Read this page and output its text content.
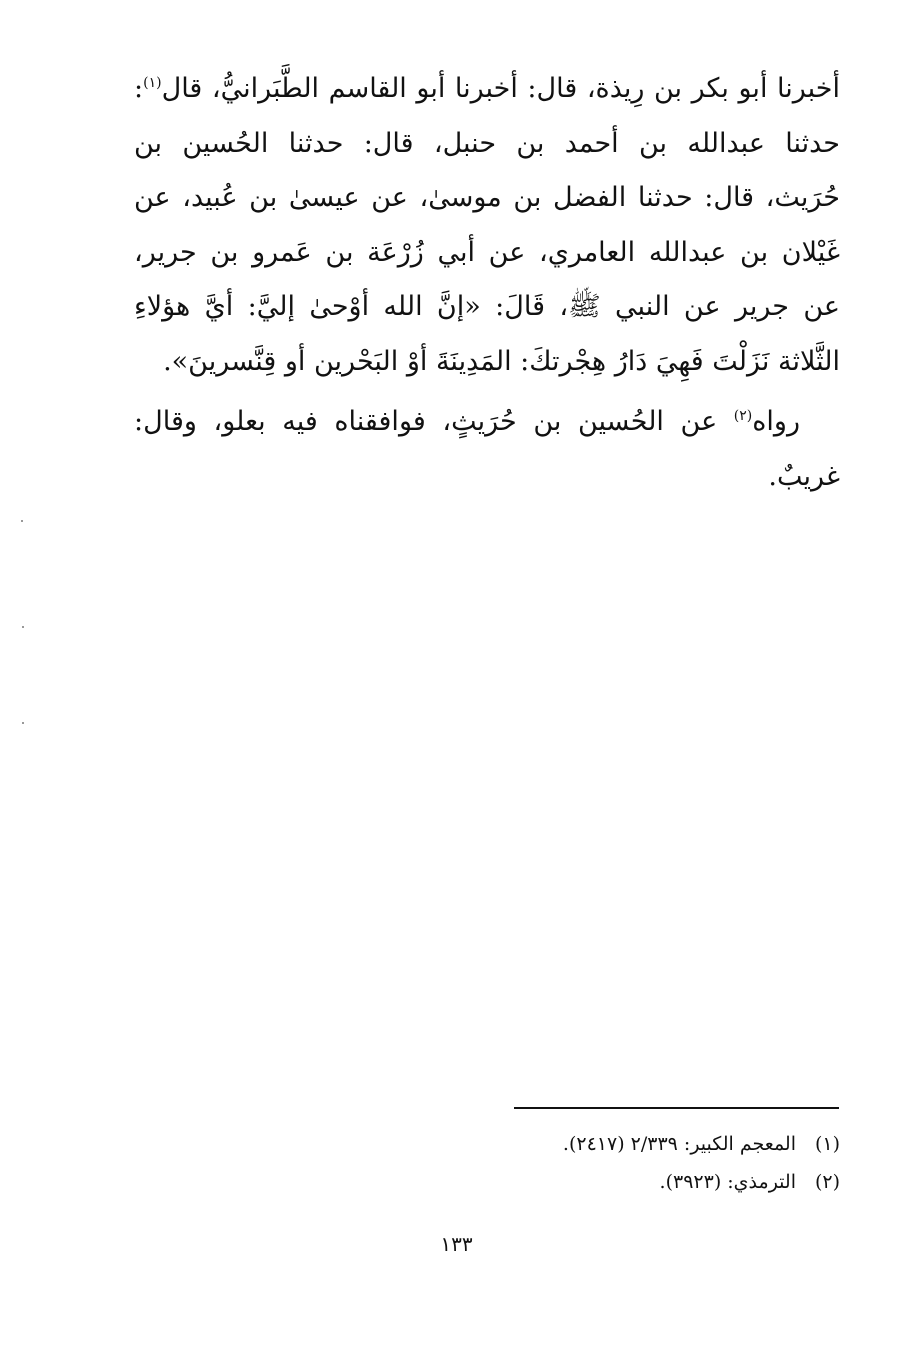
أخبرنا أبو بكر بن رِيذة، قال: أخبرنا أبو القاسم الطَّبَرانيُّ، قال$^{(١)}$:
حدثنا عبدالله بن أحمد بن حنبل، قال: حدثنا الحُسين بن
حُرَيث، قال: حدثنا الفضل بن موسىٰ، عن عيسىٰ بن عُبيد، عن
غَيْلان بن عبدالله العامري، عن أبي زُرْعَة بن عَمرو بن جرير،
عن جرير عن النبي ﷺ، قَالَ: «إنَّ الله أوْحىٰ إليَّ: أيَّ هؤلاءِ
الثَّلاثة نَزَلْتَ فَهِيَ دَارُ هِجْرتكَ: المَدِينَةَ أوْ البَحْرين أو قِنَّسرينَ».

رواه$^{(٢)}$ عن الحُسين بن حُرَيثٍ، فوافقناه فيه بعلو، وقال:
غريبٌ.

(١)المعجم الكبير: ٢/٣٣٩ (٢٤١٧).
(٢)الترمذي: (٣٩٢٣).
١٣٣
